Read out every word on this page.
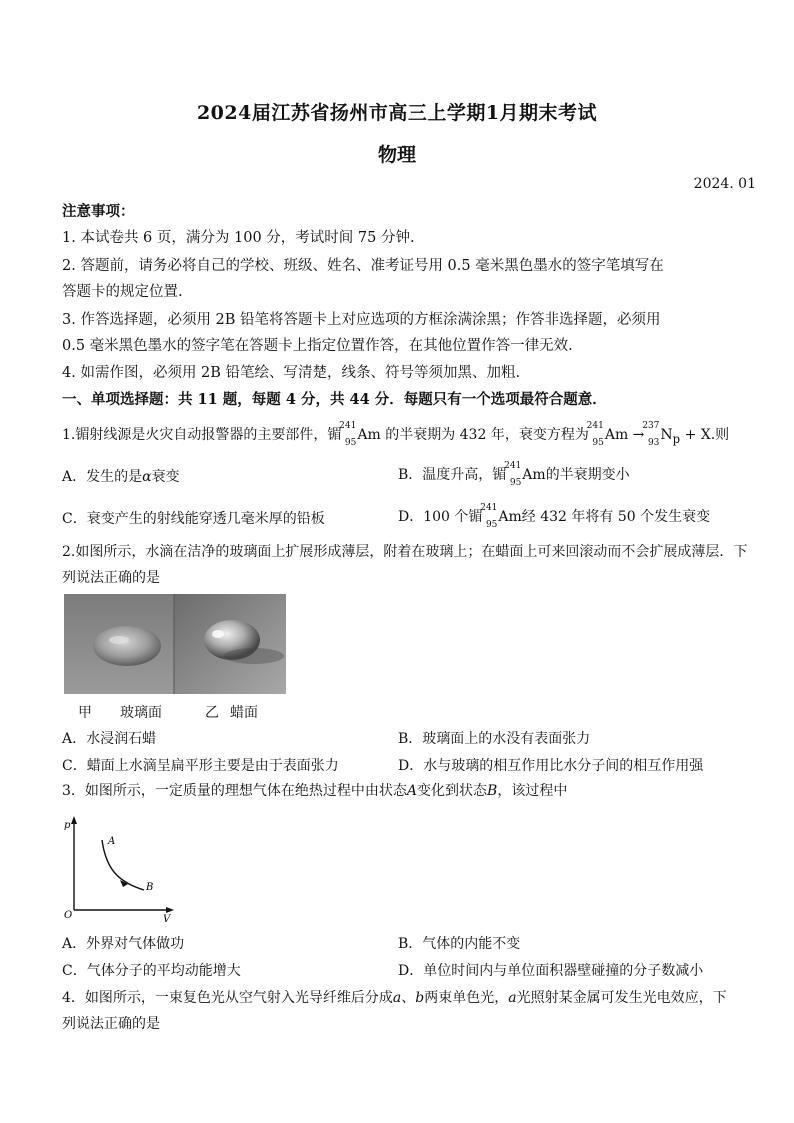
2024届江苏省扬州市高三上学期1月期末考试
物理
2024. 01
注意事项：
1. 本试卷共 6 页，满分为 100 分，考试时间 75 分钟.
2. 答题前，请务必将自己的学校、班级、姓名、准考证号用 0.5 毫米黑色墨水的签字笔填写在
答题卡的规定位置.
3. 作答选择题，必须用 2B 铅笔将答题卡上对应选项的方框涂满涂黑；作答非选择题，必须用
0.5 毫米黑色墨水的签字笔在答题卡上指定位置作答，在其他位置作答一律无效.
4. 如需作图，必须用 2B 铅笔绘、写清楚，线条、符号等须加黑、加粗.
一、单项选择题：共 11 题，每题 4 分，共 44 分．每题只有一个选项最符合题意．
1.镅射线源是火灾自动报警器的主要部件，镅
241
95 Am 的半衰期为 432 年，衰变方程为
241
95 Am →
237
93 $N_p + X$.则
A．发生的是α衰变	B．温度升高，镅
241
95 Am的半衰期变小
C．衰变产生的射线能穿透几毫米厚的铅板	D．100 个镅
241
95 Am经 432 年将有 50 个发生衰变
2.如图所示，水滴在洁净的玻璃面上扩展形成薄层，附着在玻璃上；在蜡面上可来回滚动而不会扩展成薄层．下
列说法正确的是
甲 玻璃面	乙 蜡面
A．水浸润石蜡	B．玻璃面上的水没有表面张力
C．蜡面上水滴呈扁平形主要是由于表面张力	D．水与玻璃的相互作用比水分子间的相互作用强
3．如图所示，一定质量的理想气体在绝热过程中由状态A变化到状态B，该过程中
p
V
O
A
B
A．外界对气体做功	B．气体的内能不变
C．气体分子的平均动能增大	D．单位时间内与单位面积器壁碰撞的分子数减小
4．如图所示，一束复色光从空气射入光导纤维后分成a、b两束单色光，a光照射某金属可发生光电效应，下
列说法正确的是
